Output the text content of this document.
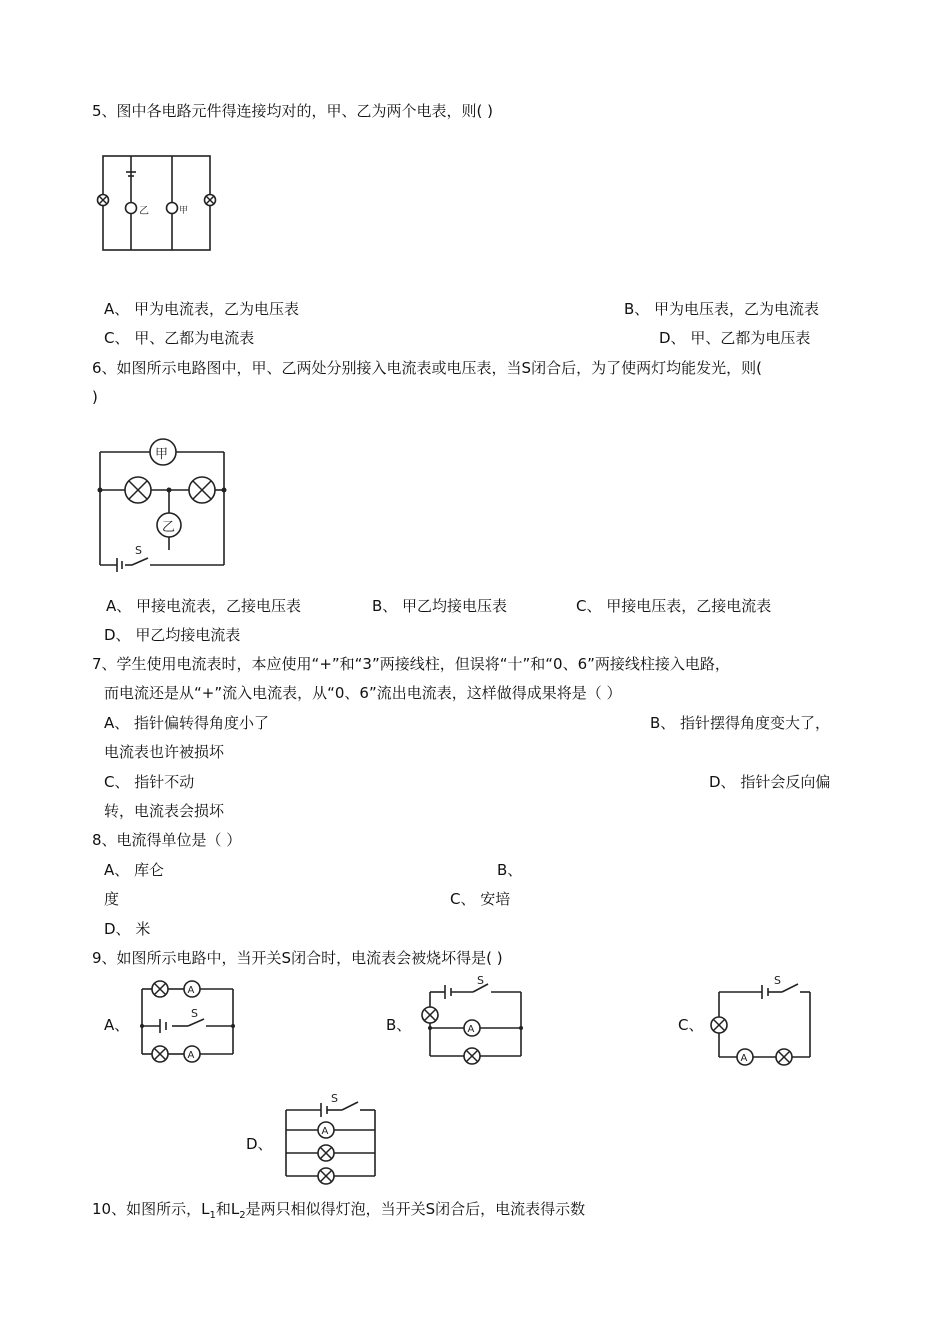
5、图中各电路元件得连接均对的，甲、乙为两个电表，则( )
乙	甲
A、 甲为电流表，乙为电压表	B、 甲为电压表，乙为电流表
C、 甲、乙都为电流表	D、 甲、乙都为电压表
6、如图所示电路图中，甲、乙两处分别接入电流表或电压表，当S闭合后，为了使两灯均能发光，则(
)
甲
乙
S
A、 甲接电流表，乙接电压表	B、 甲乙均接电压表	C、 甲接电压表，乙接电流表
D、 甲乙均接电流表
7、学生使用电流表时，本应使用“+”和“3”两接线柱，但误将“十”和“0、6”两接线柱接入电路，
而电流还是从“+”流入电流表，从“0、6”流出电流表，这样做得成果将是（ ）
A、 指针偏转得角度小了	B、 指针摆得角度变大了，
电流表也许被损坏
C、 指针不动	D、 指针会反向偏
转，电流表会损坏
8、电流得单位是（ ）
A、 库仑	B、
度	C、 安培
D、 米
9、如图所示电路中，当开关S闭合时，电流表会被烧坏得是( )
A、
A
S
A
B、
S
A	C、
S
A
D、
S
A
10、如图所示，$L_1$和$L_2$是两只相似得灯泡，当开关S闭合后，电流表得示数
